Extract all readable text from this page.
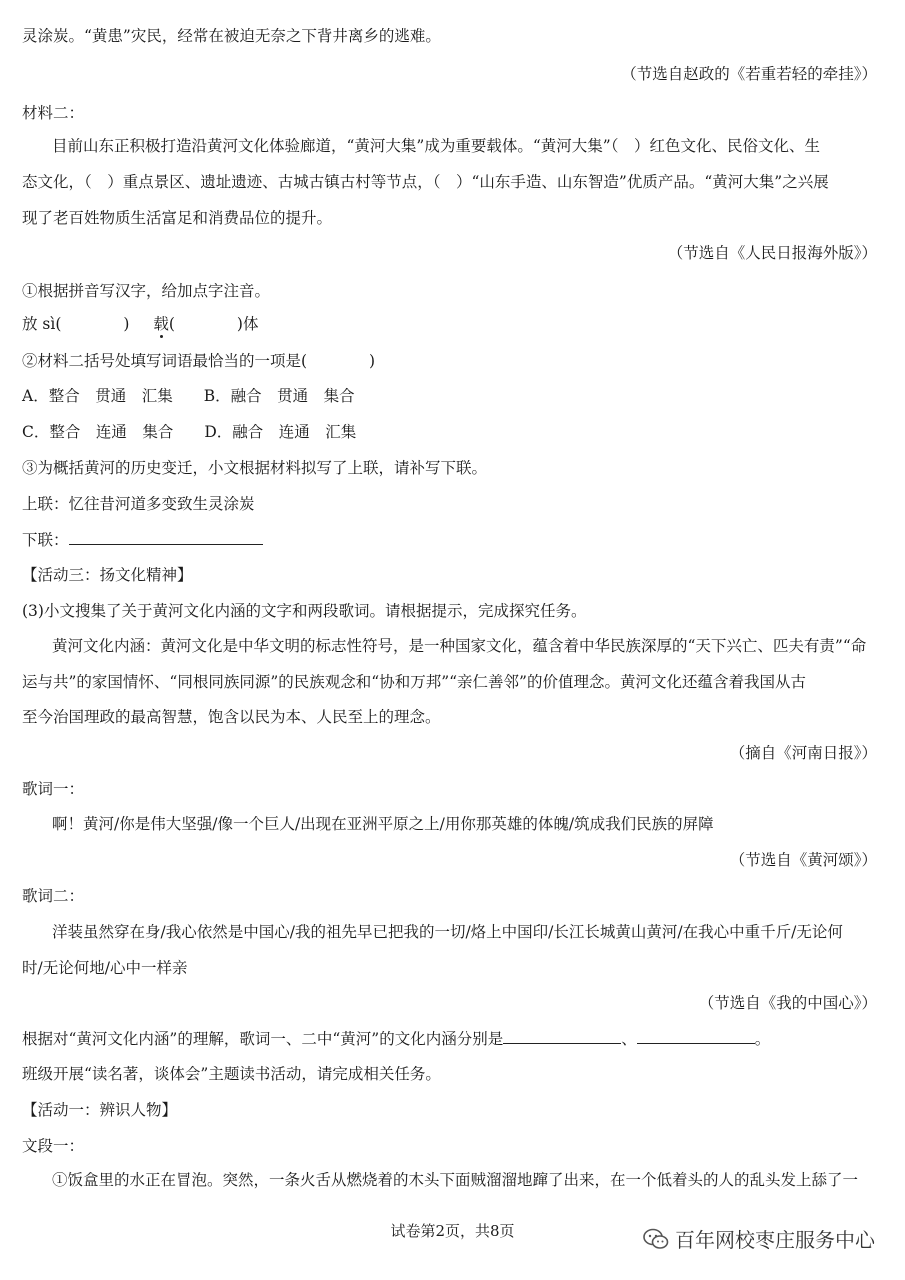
灵涂炭。“黄患”灾民，经常在被迫无奈之下背井离乡的逃难。
（节选自赵政的《若重若轻的牵挂》）
材料二：
目前山东正积极打造沿黄河文化体验廊道，“黄河大集”成为重要载体。“黄河大集”（　）红色文化、民俗文化、生
态文化，（　）重点景区、遗址遗迹、古城古镇古村等节点，（　）“山东手造、山东智造”优质产品。“黄河大集”之兴展
现了老百姓物质生活富足和消费品位的提升。
（节选自《人民日报海外版》）
①根据拼音写汉字，给加点字注音。
放 sì(	) 载(	)体
②材料二括号处填写词语最恰当的一项是(　　　　)
A．整合　贯通　汇集　　B．融合　贯通　集合
C．整合　连通　集合　　D．融合　连通　汇集
③为概括黄河的历史变迁，小文根据材料拟写了上联，请补写下联。
上联：忆往昔河道多变致生灵涂炭
下联：
【活动三：扬文化精神】
(3)小文搜集了关于黄河文化内涵的文字和两段歌词。请根据提示，完成探究任务。
黄河文化内涵：黄河文化是中华文明的标志性符号，是一种国家文化，蕴含着中华民族深厚的“天下兴亡、匹夫有责”“命
运与共”的家国情怀、“同根同族同源”的民族观念和“协和万邦”“亲仁善邻”的价值理念。黄河文化还蕴含着我国从古
至今治国理政的最高智慧，饱含以民为本、人民至上的理念。
（摘自《河南日报》）
歌词一：
啊！黄河/你是伟大坚强/像一个巨人/出现在亚洲平原之上/用你那英雄的体魄/筑成我们民族的屏障
（节选自《黄河颂》）
歌词二：
洋装虽然穿在身/我心依然是中国心/我的祖先早已把我的一切/烙上中国印/长江长城黄山黄河/在我心中重千斤/无论何
时/无论何地/心中一样亲
（节选自《我的中国心》）
根据对“黄河文化内涵”的理解，歌词一、二中“黄河”的文化内涵分别是	、	。
班级开展“读名著，谈体会”主题读书活动，请完成相关任务。
【活动一：辨识人物】
文段一：
①饭盒里的水正在冒泡。突然，一条火舌从燃烧着的木头下面贼溜溜地蹿了出来，在一个低着头的人的乱头发上舔了一
试卷第2页，共8页	百年网校枣庄服务中心
